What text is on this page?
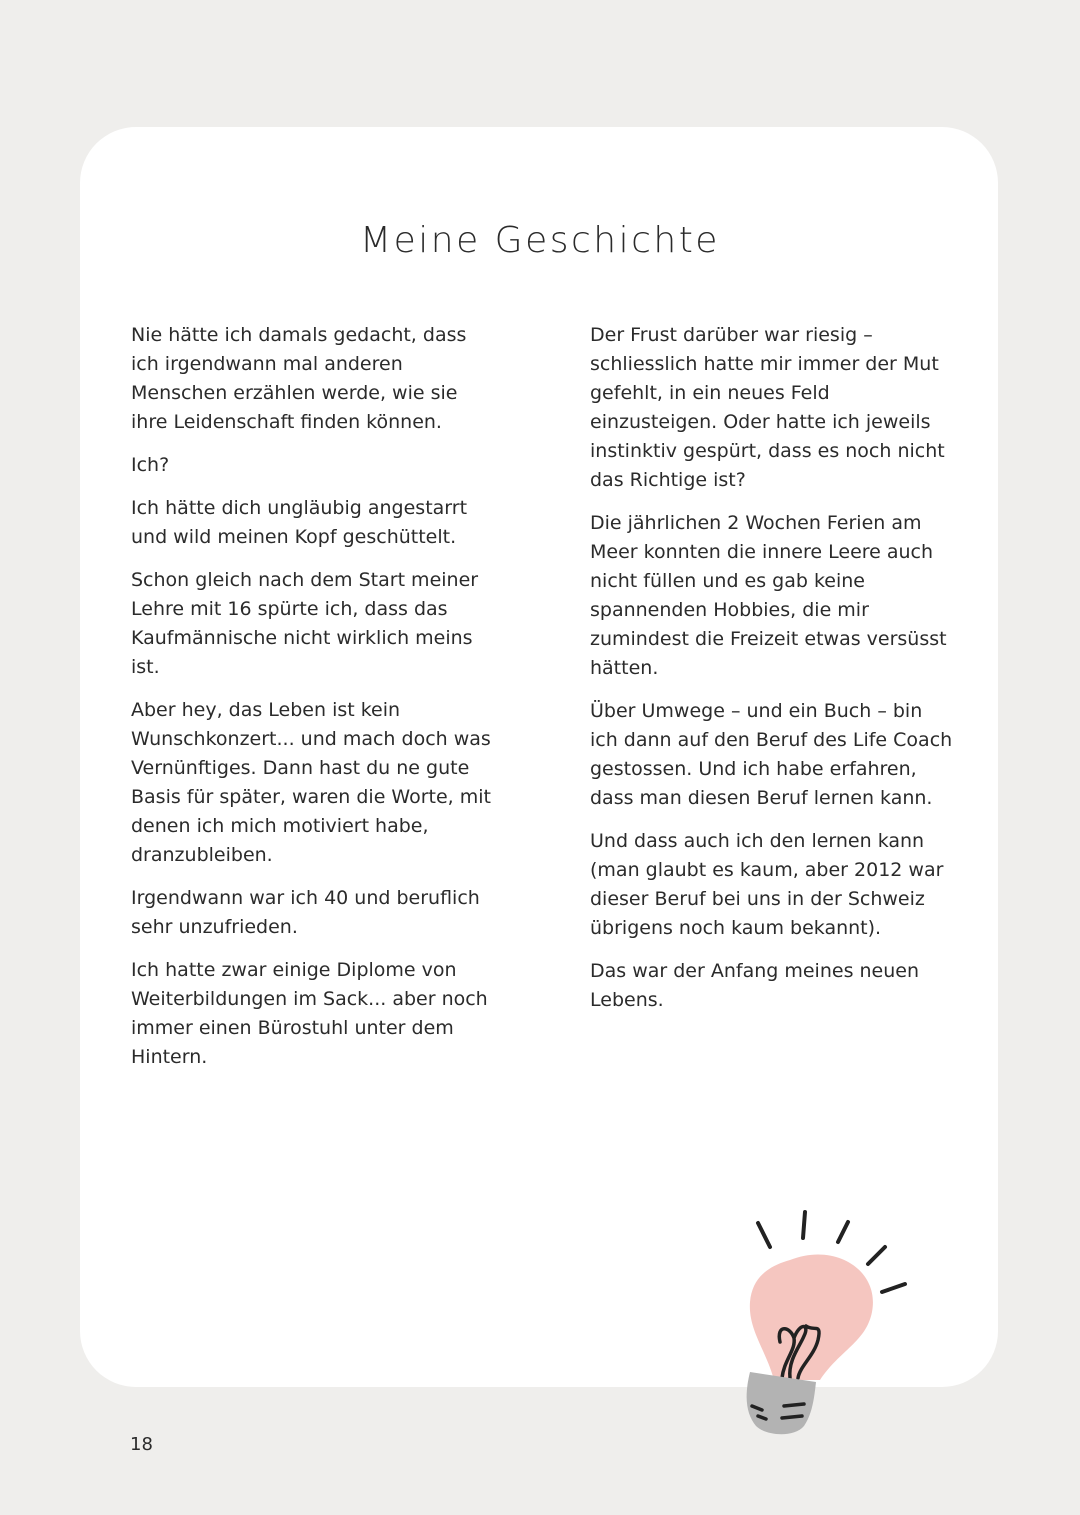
Meine Geschichte

Nie hätte ich damals gedacht, dass ich irgendwann mal anderen Menschen erzählen werde, wie sie ihre Leidenschaft finden können.

Ich?

Ich hätte dich ungläubig angestarrt und wild meinen Kopf geschüttelt.

Schon gleich nach dem Start meiner Lehre mit 16 spürte ich, dass das Kaufmännische nicht wirklich meins ist.

Aber hey, das Leben ist kein Wunschkonzert... und mach doch was Vernünftiges. Dann hast du ne gute Basis für später, waren die Worte, mit denen ich mich motiviert habe, dranzubleiben.

Irgendwann war ich 40 und beruflich sehr unzufrieden.

Ich hatte zwar einige Diplome von Weiterbildungen im Sack... aber noch immer einen Bürostuhl unter dem Hintern.

Der Frust darüber war riesig – schliesslich hatte mir immer der Mut gefehlt, in ein neues Feld einzusteigen. Oder hatte ich jeweils instinktiv gespürt, dass es noch nicht das Richtige ist?

Die jährlichen 2 Wochen Ferien am Meer konnten die innere Leere auch nicht füllen und es gab keine spannenden Hobbies, die mir zumindest die Freizeit etwas versüsst hätten.

Über Umwege – und ein Buch – bin ich dann auf den Beruf des Life Coach gestossen. Und ich habe erfahren, dass man diesen Beruf lernen kann.

Und dass auch ich den lernen kann (man glaubt es kaum, aber 2012 war dieser Beruf bei uns in der Schweiz übrigens noch kaum bekannt).

Das war der Anfang meines neuen Lebens.

18
